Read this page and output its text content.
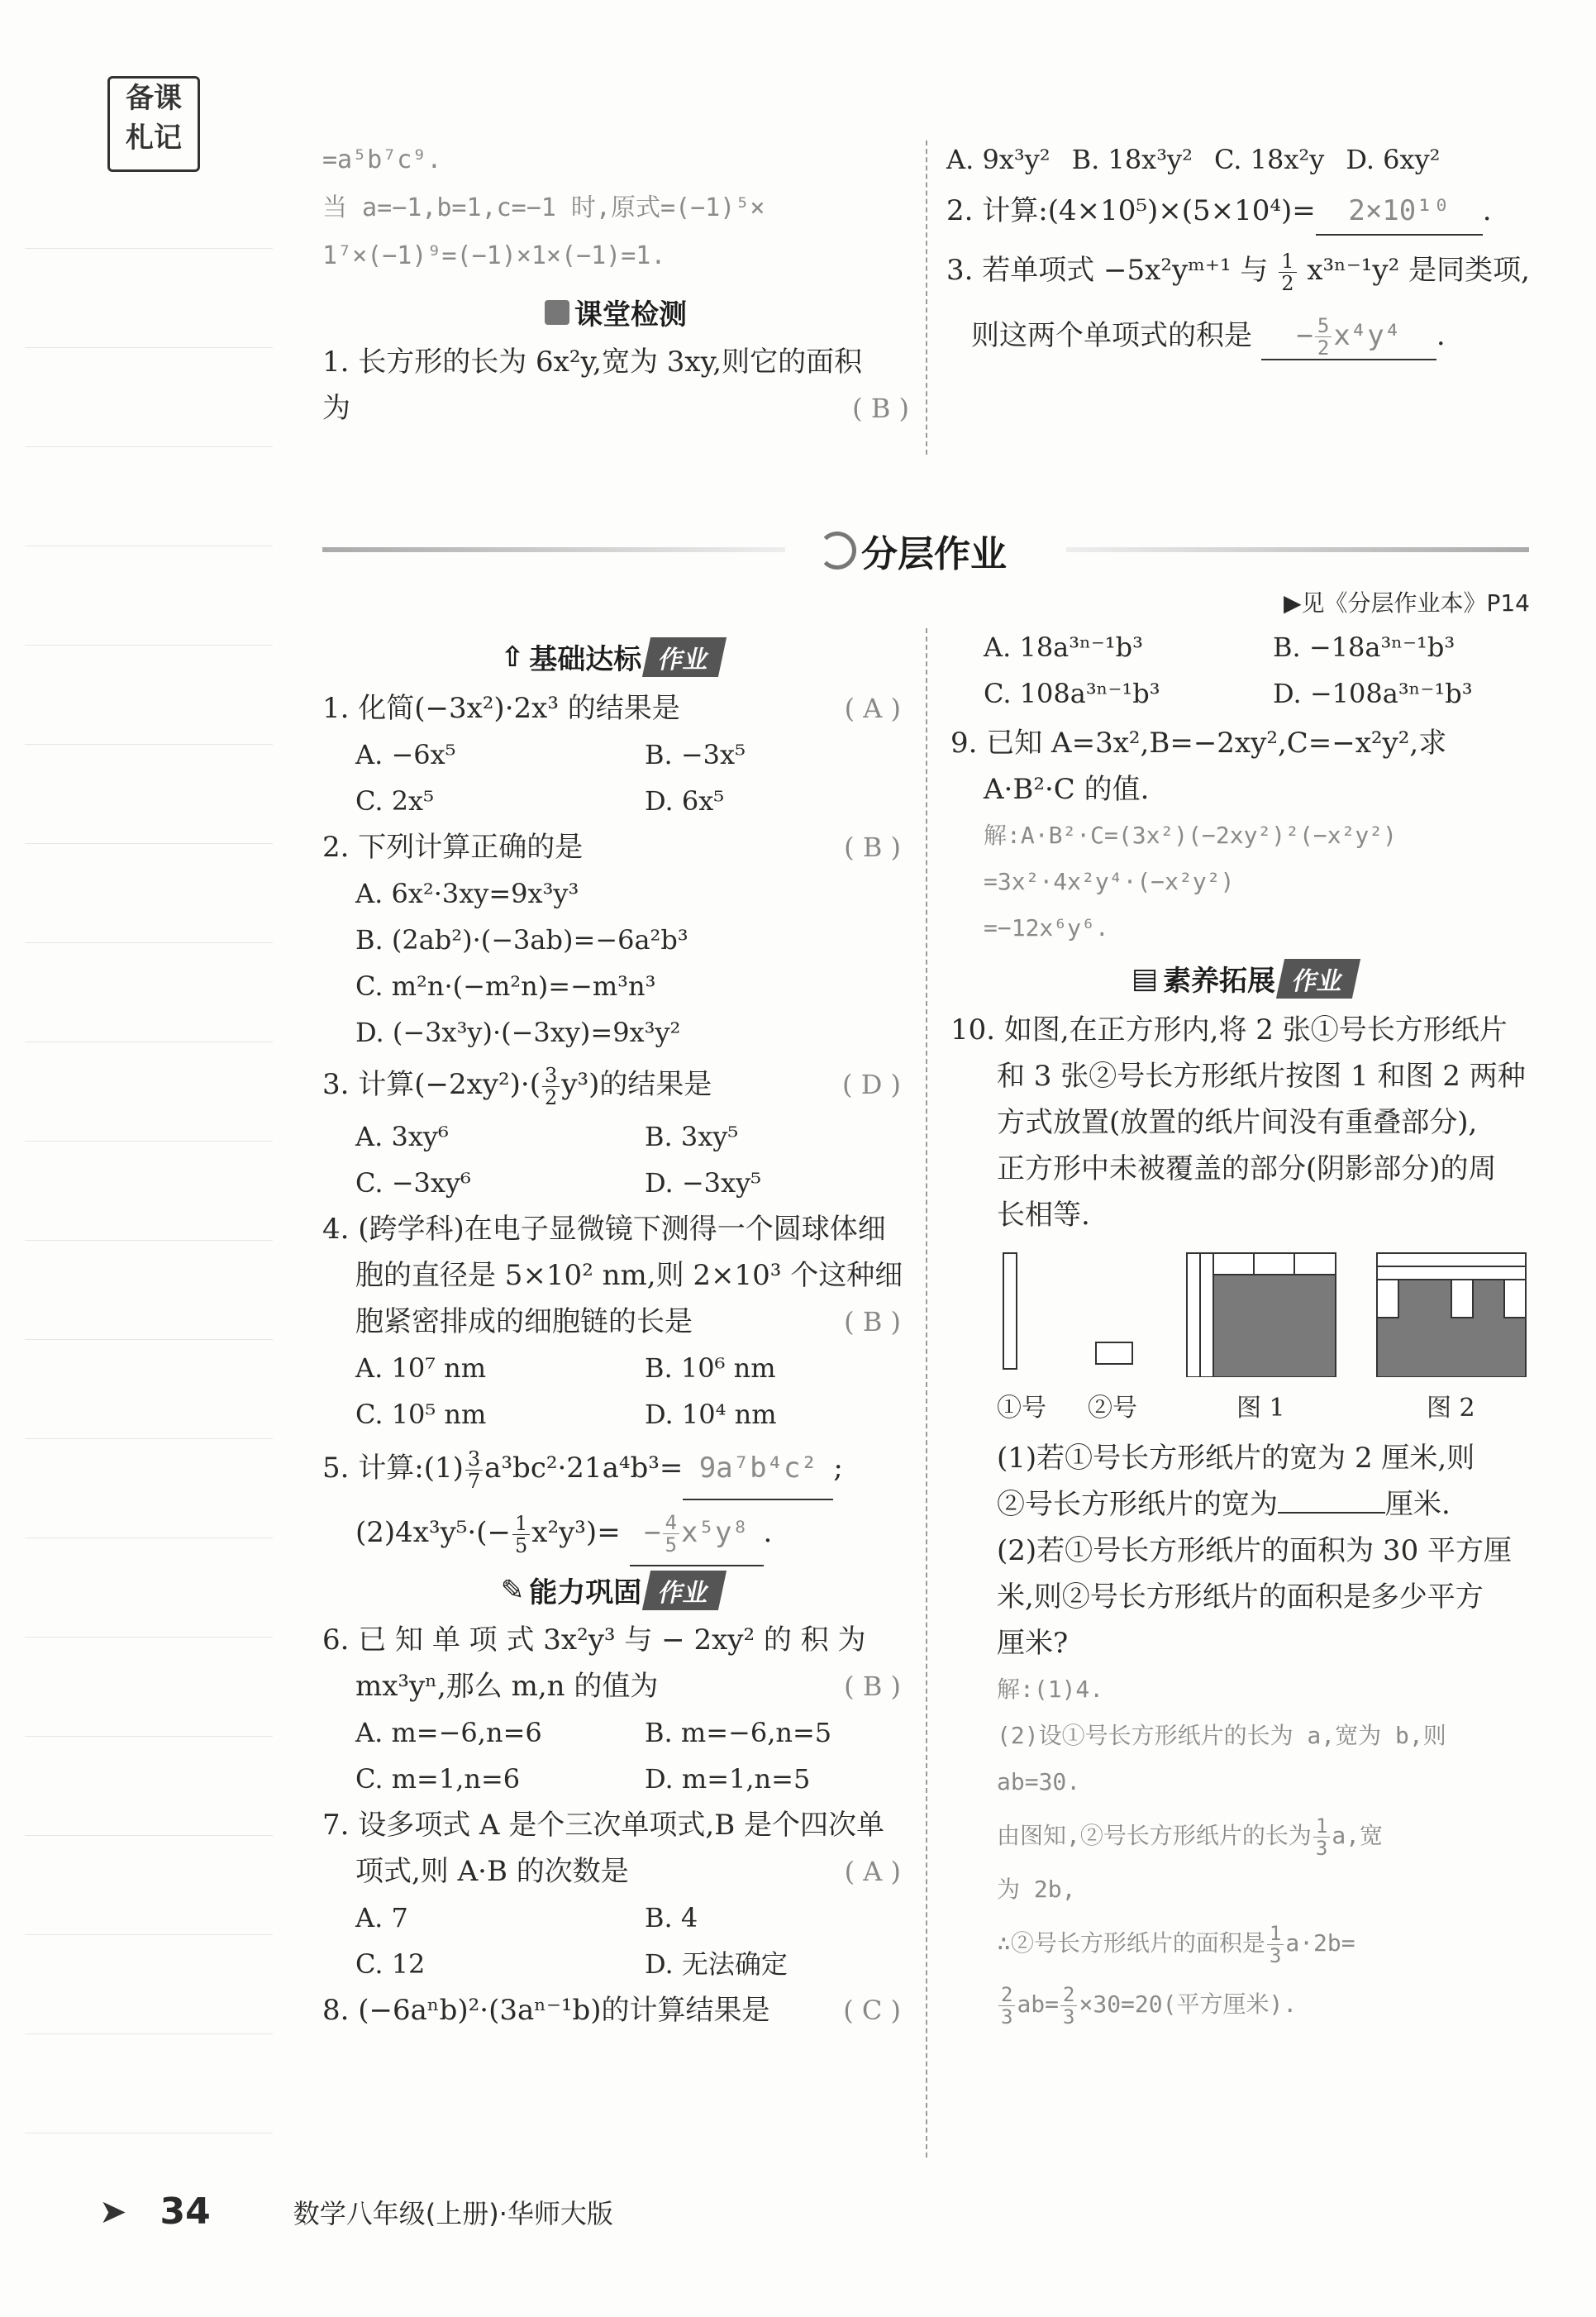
备课
札记
=a⁵b⁷c⁹.
当 a=−1,b=1,c=−1 时,原式=(−1)⁵×
1⁷×(−1)⁹=(−1)×1×(−1)=1.
课堂检测
1. 长方形的长为 6x²y,宽为 3xy,则它的面积
为	( B )
A. 9x³y² B. 18x³y² C. 18x²y D. 6xy²
2. 计算:(4×10⁵)×(5×10⁴)= 2×10¹⁰ .
3. 若单项式 −5x²yᵐ⁺¹ 与 $\frac{1}{2} x^{3n-1}y^2$ 是同类项,
则这两个单项式的积是 − $\frac{5}{2} x^4y^4$ .
分层作业
▶见《分层作业本》P14
⇧ 基础达标 作业
1. 化简(−3x²)·2x³ 的结果是	( A )
A. −6x⁵	B. −3x⁵
C. 2x⁵	D. 6x⁵
2. 下列计算正确的是	( B )
A. 6x²·3xy=9x³y³
B. (2ab²)·(−3ab)=−6a²b³
C. m²n·(−m²n)=−m³n³
D. (−3x³y)·(−3xy)=9x³y²
3. 计算$(-2xy^2)\cdot( \frac{3}{2} y^3)$的结果是	( D )
A. 3xy⁶	B. 3xy⁵
C. −3xy⁶	D. −3xy⁵
4. (跨学科)在电子显微镜下测得一个圆球体细
胞的直径是 5×10² nm,则 2×10³ 个这种细
胞紧密排成的细胞链的长是	( B )
A. 10⁷ nm	B. 10⁶ nm
C. 10⁵ nm	D. 10⁴ nm
5. 计算:(1) $\frac{3}{7} a^3bc^2\cdot 21a^4b^3= 9a^7b^4c^2$ ;
$(2)4x^3y^5\cdot(- \frac{1}{5} x^2y^3)= - \frac{4}{5} x^5y^8$ .
✎ 能力巩固 作业
6. 已 知 单 项 式 3x²y³ 与 − 2xy² 的 积 为
mx³yⁿ,那么 m,n 的值为	( B )
A. m=−6,n=6	B. m=−6,n=5
C. m=1,n=6	D. m=1,n=5
7. 设多项式 A 是个三次单项式,B 是个四次单
项式,则 A·B 的次数是	( A )
A. 7	B. 4
C. 12	D. 无法确定
8. (−6aⁿb)²·(3aⁿ⁻¹b)的计算结果是	( C )
A. 18a³ⁿ⁻¹b³	B. −18a³ⁿ⁻¹b³
C. 108a³ⁿ⁻¹b³	D. −108a³ⁿ⁻¹b³
9. 已知 A=3x²,B=−2xy²,C=−x²y²,求
A·B²·C 的值.
解:A·B²·C=(3x²)(−2xy²)²(−x²y²)
=3x²·4x²y⁴·(−x²y²)
=−12x⁶y⁶.
▤ 素养拓展 作业
10. 如图,在正方形内,将 2 张①号长方形纸片
和 3 张②号长方形纸片按图 1 和图 2 两种
方式放置(放置的纸片间没有重叠部分),
正方形中未被覆盖的部分(阴影部分)的周
长相等.
①号 ②号	图 1	图 2
(1)若①号长方形纸片的宽为 2 厘米,则
②号长方形纸片的宽为	厘米.
(2)若①号长方形纸片的面积为 30 平方厘
米,则②号长方形纸片的面积是多少平方
厘米?
解:(1)4.
(2)设①号长方形纸片的长为 a,宽为 b,则
ab=30.
由图知,②号长方形纸片的长为 $\frac{1}{3} a$,宽
为 2b,
∴②号长方形纸片的面积是 $\frac{1}{3} a\cdot 2b=$
$\frac{2}{3} ab= \frac{2}{3} \times 30=20$(平方厘米).
➤ 34	数学八年级(上册)·华师大版
